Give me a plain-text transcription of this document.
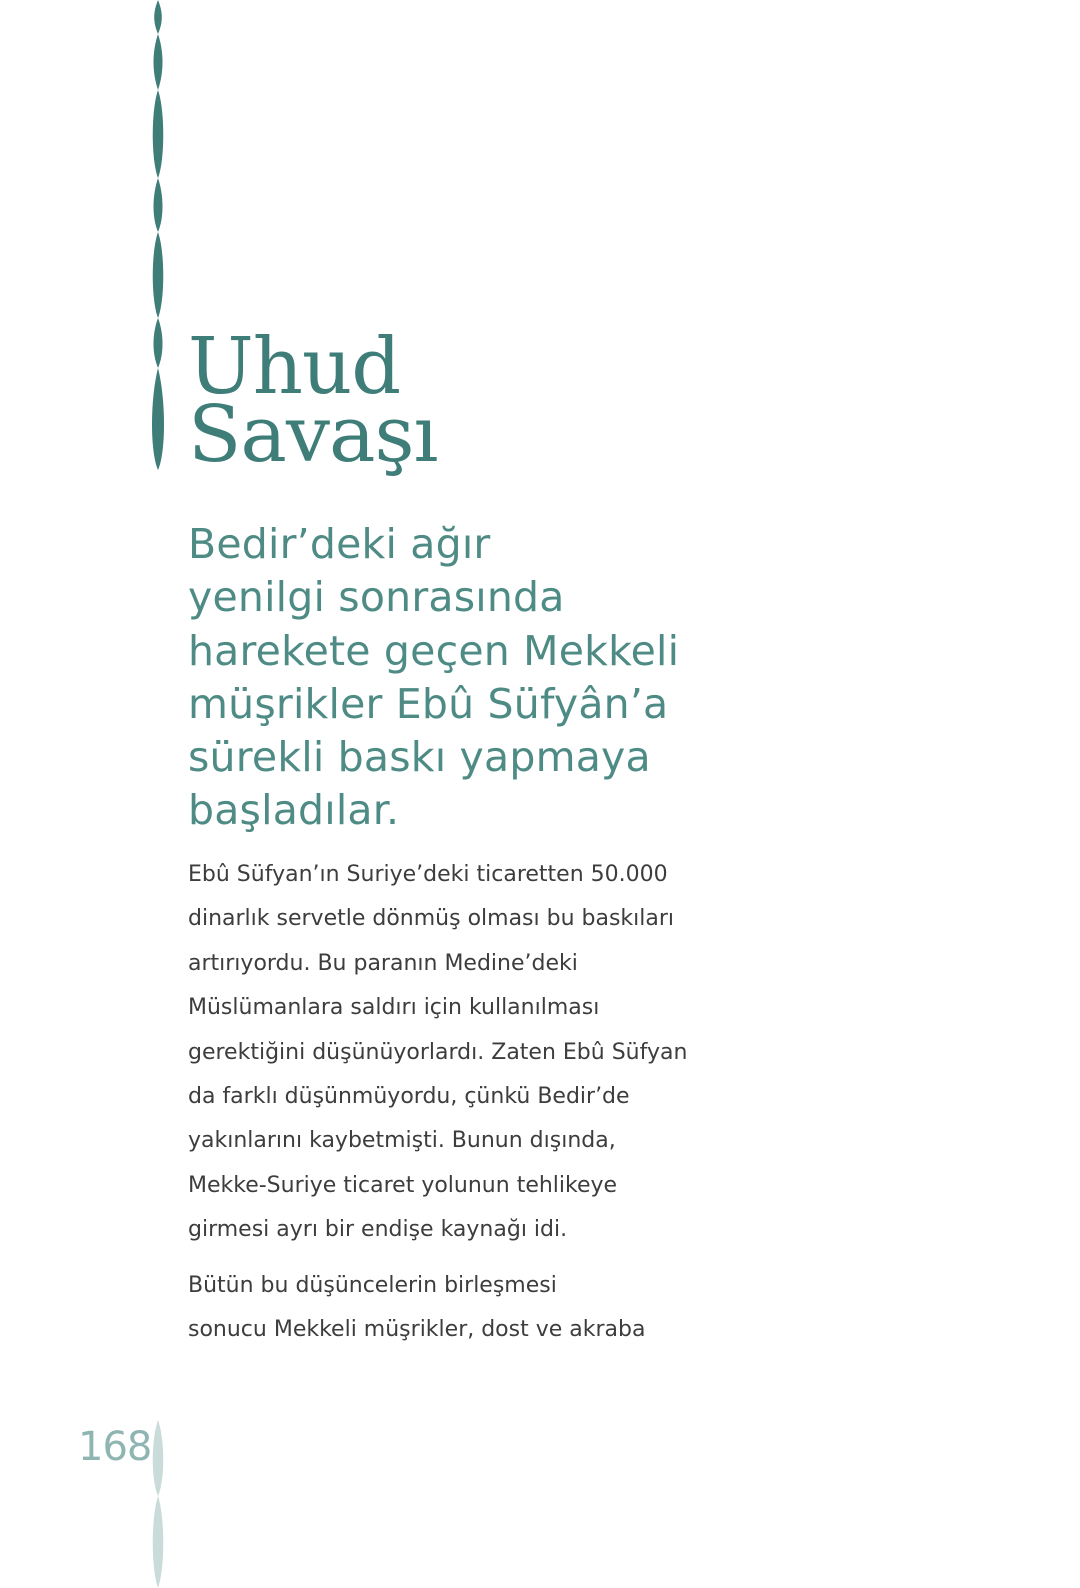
Uhud
Savaşı

Bedir’deki ağır
yenilgi sonrasında
harekete geçen Mekkeli
müşrikler Ebû Süfyân’a
sürekli baskı yapmaya
başladılar.

Ebû Süfyan’ın Suriye’deki ticaretten 50.000
dinarlık servetle dönmüş olması bu baskıları
artırıyordu. Bu paranın Medine’deki
Müslümanlara saldırı için kullanılması
gerektiğini düşünüyorlardı. Zaten Ebû Süfyan
da farklı düşünmüyordu, çünkü Bedir’de
yakınlarını kaybetmişti. Bunun dışında,
Mekke-Suriye ticaret yolunun tehlikeye
girmesi ayrı bir endişe kaynağı idi.

Bütün bu düşüncelerin birleşmesi
sonucu Mekkeli müşrikler, dost ve akraba

168
